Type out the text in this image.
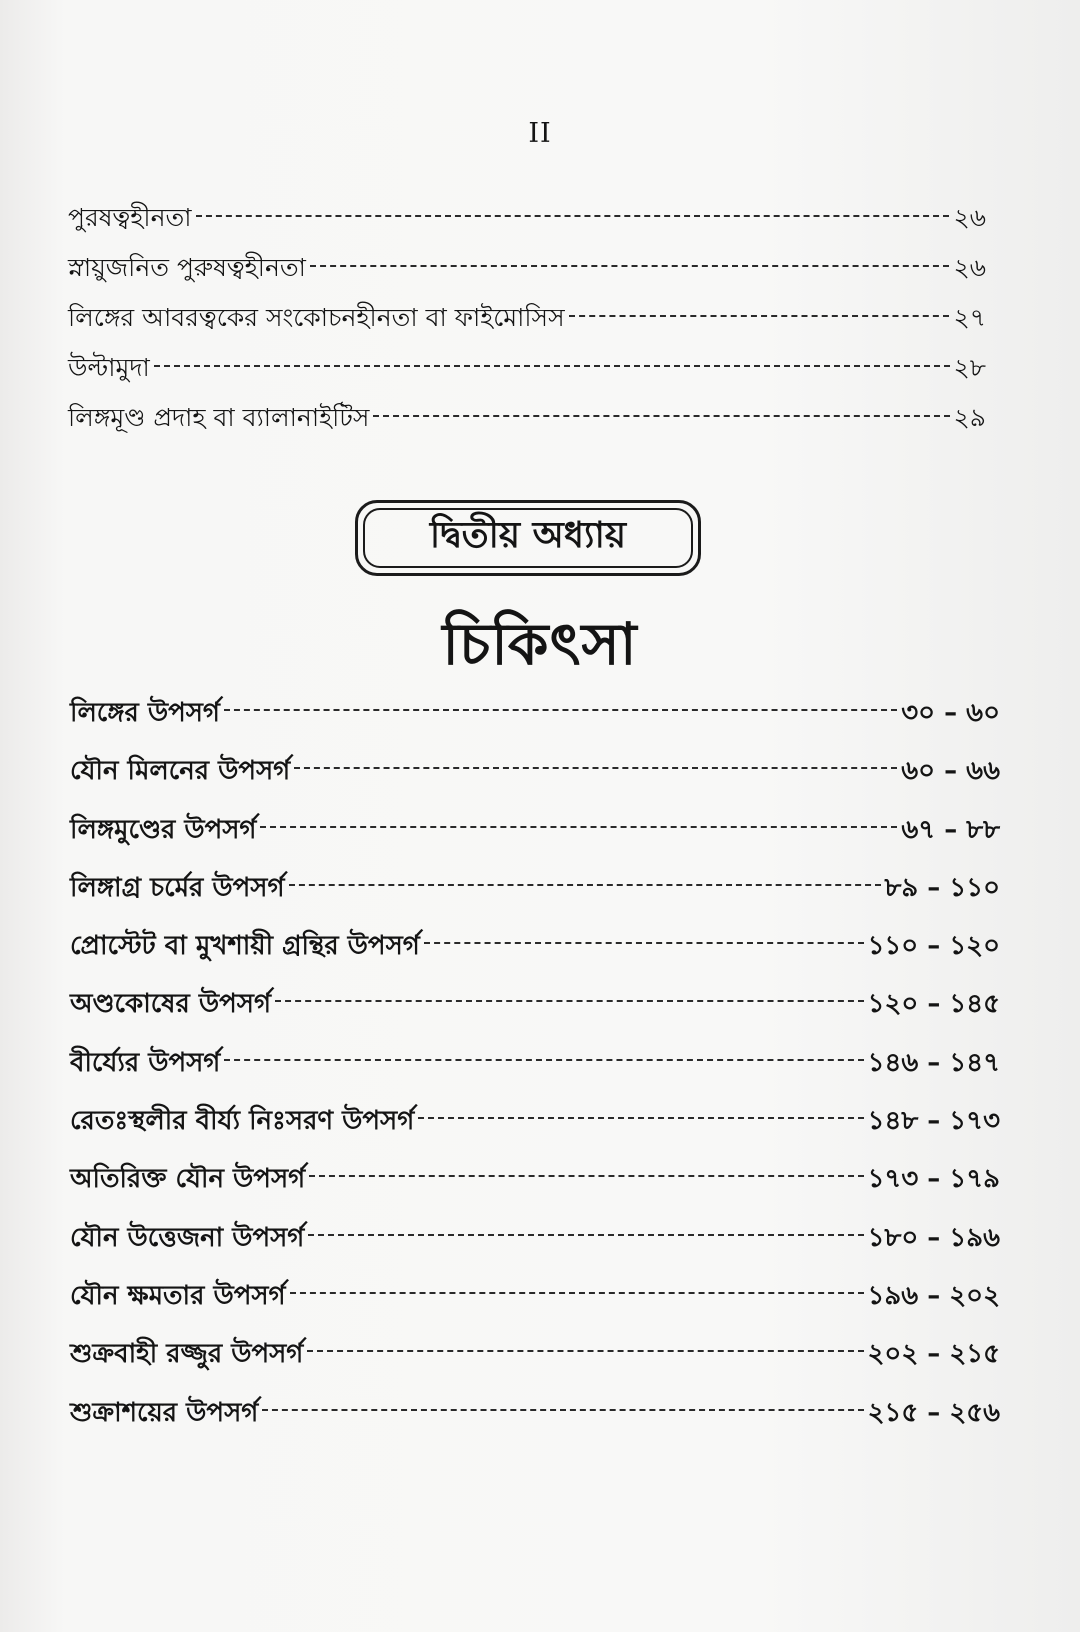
II
পুরষত্বহীনতা	২৬
স্নায়ুজনিত পুরুষত্বহীনতা	২৬
লিঙ্গের আবরত্বকের সংকোচনহীনতা বা ফাইমোসিস	২৭
উল্টামুদা	২৮
লিঙ্গমূণ্ড প্রদাহ বা ব্যালানাইটিস	২৯
দ্বিতীয় অধ্যায়
চিকিৎসা
লিঙ্গের উপসর্গ	৩০ – ৬০
যৌন মিলনের উপসর্গ	৬০ – ৬৬
লিঙ্গমুণ্ডের উপসর্গ	৬৭ – ৮৮
লিঙ্গাগ্র চর্মের উপসর্গ	৮৯ – ১১০
প্রোস্টেট বা মুখশায়ী গ্রন্থির উপসর্গ	১১০ – ১২০
অণ্ডকোষের উপসর্গ	১২০ – ১৪৫
বীর্য্যের উপসর্গ	১৪৬ – ১৪৭
রেতঃস্থলীর বীর্য্য নিঃসরণ উপসর্গ	১৪৮ – ১৭৩
অতিরিক্ত যৌন উপসর্গ	১৭৩ – ১৭৯
যৌন উত্তেজনা উপসর্গ	১৮০ – ১৯৬
যৌন ক্ষমতার উপসর্গ	১৯৬ – ২০২
শুক্রবাহী রজ্জুর উপসর্গ	২০২ – ২১৫
শুক্রাশয়ের উপসর্গ	২১৫ – ২৫৬
